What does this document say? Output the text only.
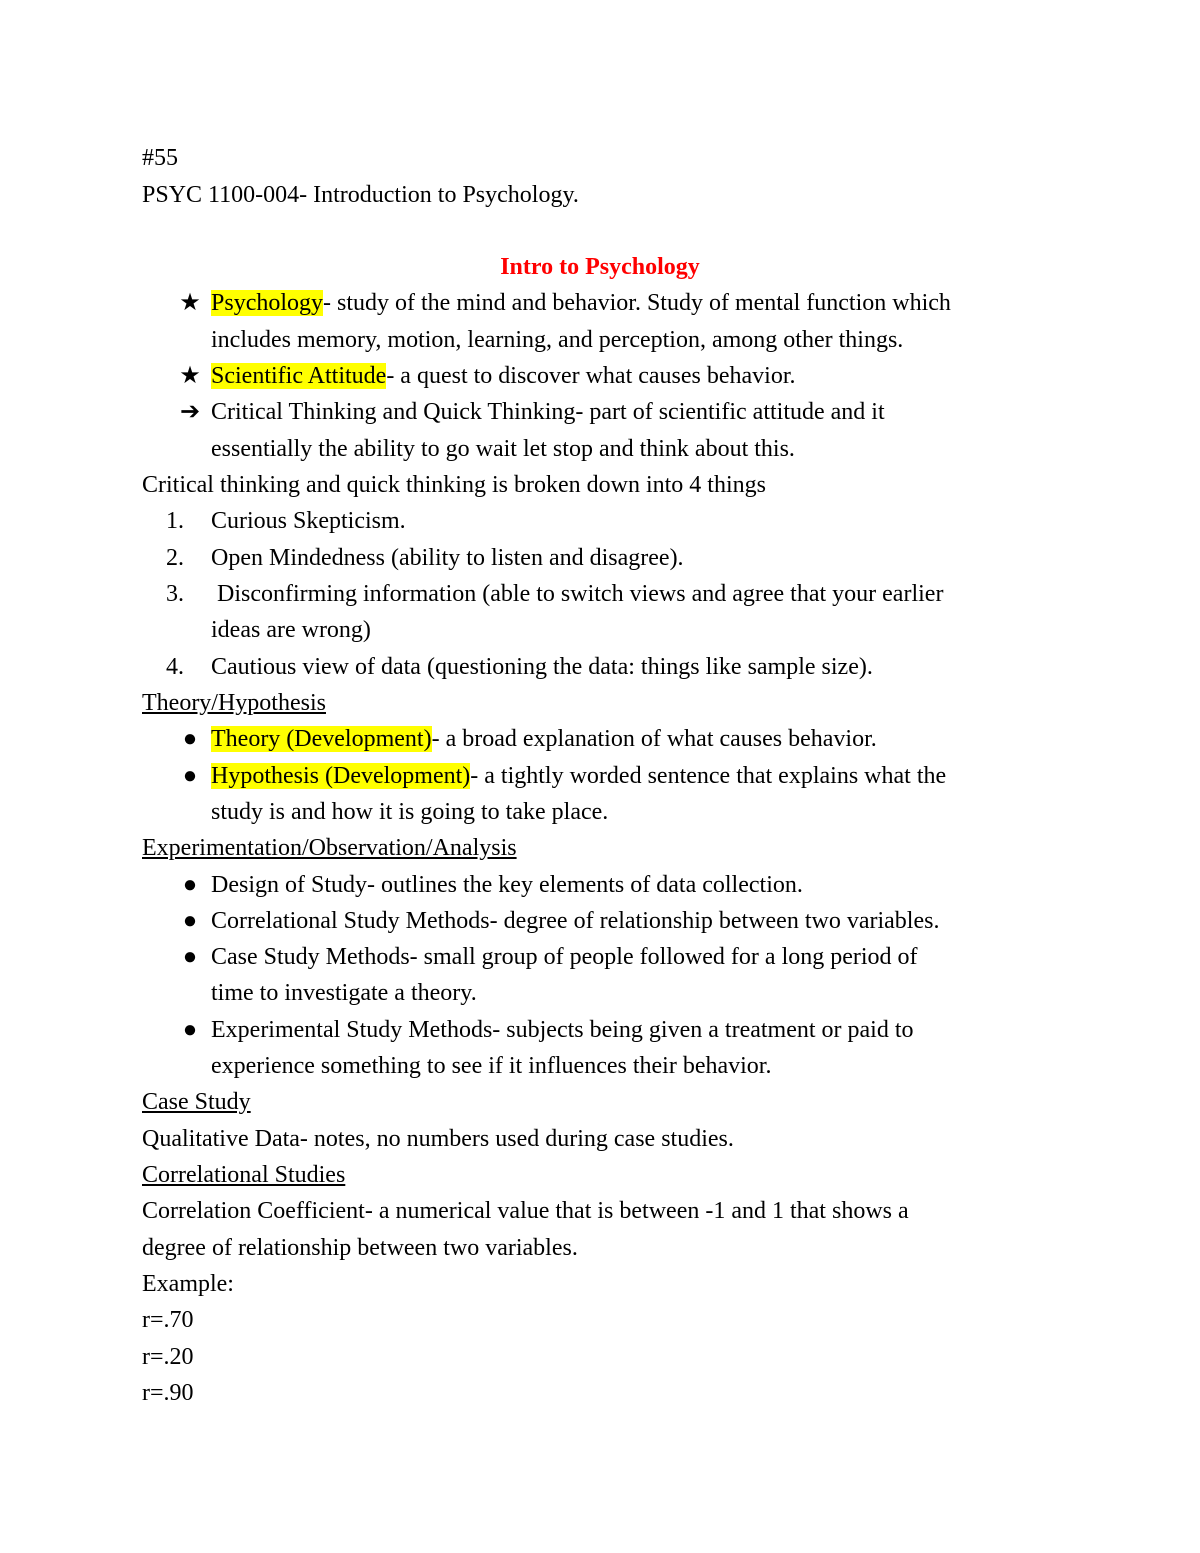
#55
PSYC 1100-004- Introduction to Psychology.
Intro to Psychology
★ Psychology- study of the mind and behavior. Study of mental function which
includes memory, motion, learning, and perception, among other things.
★ Scientific Attitude- a quest to discover what causes behavior.
➔ Critical Thinking and Quick Thinking- part of scientific attitude and it
essentially the ability to go wait let stop and think about this.
Critical thinking and quick thinking is broken down into 4 things
1. Curious Skepticism.
2. Open Mindedness (ability to listen and disagree).
3. Disconfirming information (able to switch views and agree that your earlier
ideas are wrong)
4. Cautious view of data (questioning the data: things like sample size).
Theory/Hypothesis
● Theory (Development)- a broad explanation of what causes behavior.
● Hypothesis (Development)- a tightly worded sentence that explains what the
study is and how it is going to take place.
Experimentation/Observation/Analysis
● Design of Study- outlines the key elements of data collection.
● Correlational Study Methods- degree of relationship between two variables.
● Case Study Methods- small group of people followed for a long period of
time to investigate a theory.
● Experimental Study Methods- subjects being given a treatment or paid to
experience something to see if it influences their behavior.
Case Study
Qualitative Data- notes, no numbers used during case studies.
Correlational Studies
Correlation Coefficient- a numerical value that is between -1 and 1 that shows a
degree of relationship between two variables.
Example:
r=.70
r=.20
r=.90
